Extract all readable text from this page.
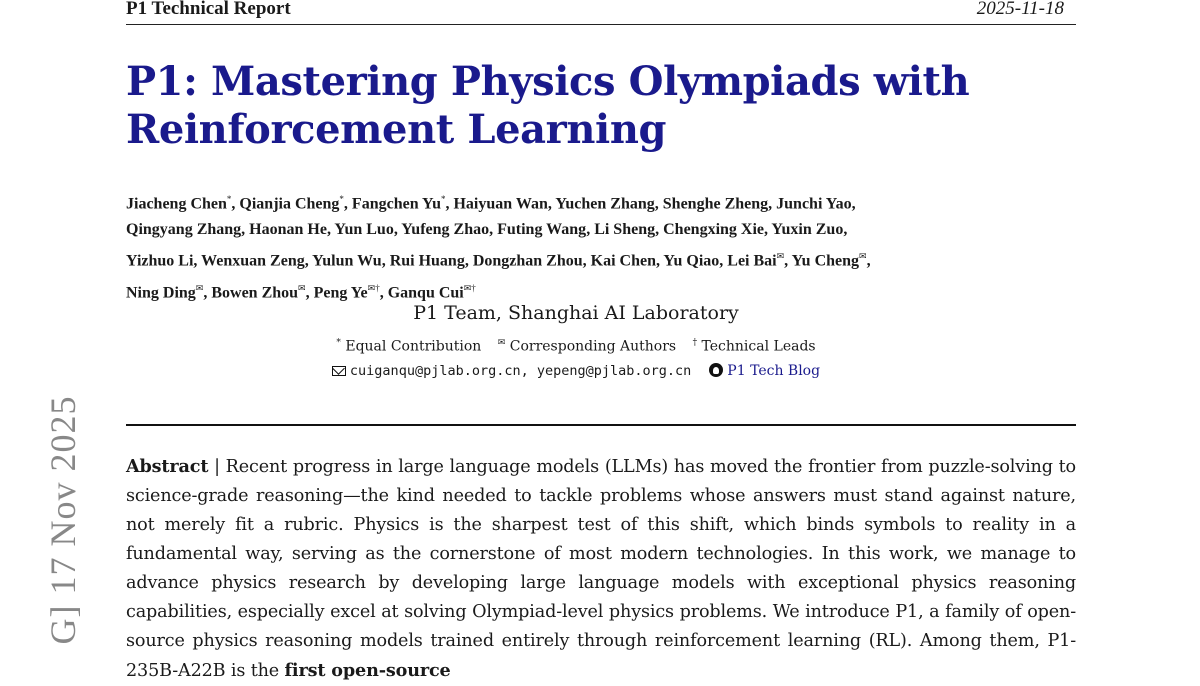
P1 Technical Report	2025-11-18
P1: Mastering Physics Olympiads with
Reinforcement Learning
Jiacheng Chen*, Qianjia Cheng*, Fangchen Yu*, Haiyuan Wan, Yuchen Zhang, Shenghe Zheng, Junchi Yao,
Qingyang Zhang, Haonan He, Yun Luo, Yufeng Zhao, Futing Wang, Li Sheng, Chengxing Xie, Yuxin Zuo,
Yizhuo Li, Wenxuan Zeng, Yulun Wu, Rui Huang, Dongzhan Zhou, Kai Chen, Yu Qiao, Lei Bai✉, Yu Cheng✉,
Ning Ding✉, Bowen Zhou✉, Peng Ye✉†, Ganqu Cui✉†
P1 Team, Shanghai AI Laboratory
* Equal Contribution ✉ Corresponding Authors † Technical Leads
cuiganqu@pjlab.org.cn, yepeng@pjlab.org.cn	P1 Tech Blog
Abstract | Recent progress in large language models (LLMs) has moved the frontier from puzzle-solving to science-grade reasoning—the kind needed to tackle problems whose answers must stand against nature, not merely fit a rubric. Physics is the sharpest test of this shift, which binds symbols to reality in a fundamental way, serving as the cornerstone of most modern technologies. In this work, we manage to advance physics research by developing large language models with exceptional physics reasoning capabilities, especially excel at solving Olympiad-level physics problems. We introduce P1, a family of open-source physics reasoning models trained entirely through reinforcement learning (RL). Among them, P1-235B-A22B is the first open-source
G] 17 Nov 2025
